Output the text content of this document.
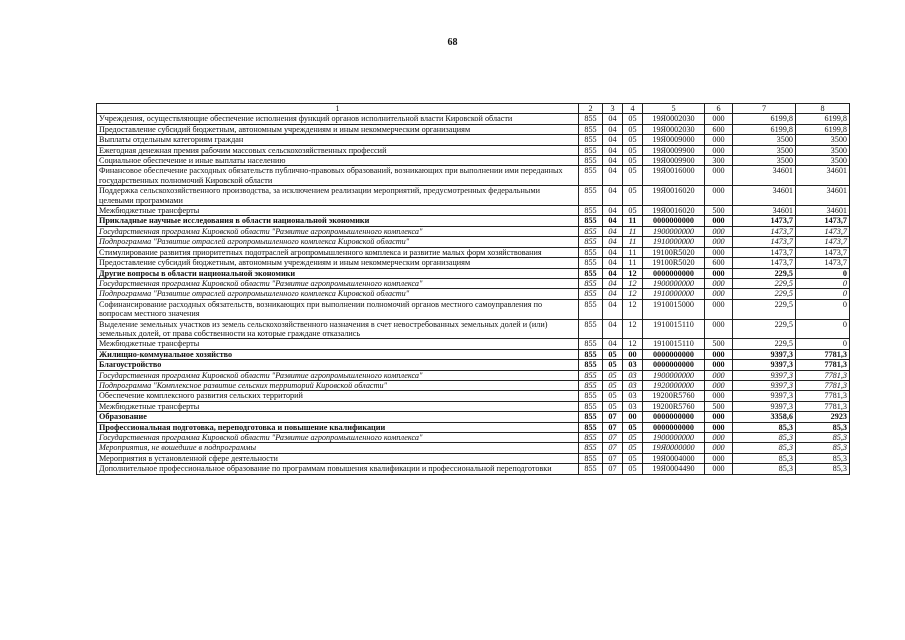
68
1	2	3	4	5	6	7	8
Учреждения, осуществляющие обеспечение исполнения функций органов исполнительной власти Кировской области	855	04	05	19Я0002030	000	6199,8	6199,8
Предоставление субсидий бюджетным, автономным учреждениям и иным некоммерческим организациям	855	04	05	19Я0002030	600	6199,8	6199,8
Выплаты отдельным категориям граждан	855	04	05	19Я0009000	000	3500	3500
Ежегодная денежная премия рабочим массовых сельскохозяйственных профессий	855	04	05	19Я0009900	000	3500	3500
Социальное обеспечение и иные выплаты населению	855	04	05	19Я0009900	300	3500	3500
Финансовое обеспечение расходных обязательств публично-правовых образований, возникающих при выполнении ими переданных государственных полномочий Кировской области	855	04	05	19Я0016000	000	34601	34601
Поддержка сельскохозяйственного производства, за исключением реализации мероприятий, предусмотренных федеральными целевыми программами	855	04	05	19Я0016020	000	34601	34601
Межбюджетные трансферты	855	04	05	19Я0016020	500	34601	34601
Прикладные научные исследования в области национальной экономики	855	04	11	0000000000	000	1473,7	1473,7
Государственная программа Кировской области "Развитие агропромышленного комплекса"	855	04	11	1900000000	000	1473,7	1473,7
Подпрограмма "Развитие отраслей агропромышленного комплекса Кировской области"	855	04	11	1910000000	000	1473,7	1473,7
Стимулирование развития приоритетных подотраслей агропромышленного комплекса и развитие малых форм хозяйствования	855	04	11	19100R5020	000	1473,7	1473,7
Предоставление субсидий бюджетным, автономным учреждениям и иным некоммерческим организациям	855	04	11	19100R5020	600	1473,7	1473,7
Другие вопросы в области национальной экономики	855	04	12	0000000000	000	229,5	0
Государственная программа Кировской области "Развитие агропромышленного комплекса"	855	04	12	1900000000	000	229,5	0
Подпрограмма "Развитие отраслей агропромышленного комплекса Кировской области"	855	04	12	1910000000	000	229,5	0
Софинансирование расходных обязательств, возникающих при выполнении полномочий органов местного самоуправления по вопросам местного значения	855	04	12	1910015000	000	229,5	0
Выделение земельных участков из земель сельскохозяйственного назначения в счет невостребованных земельных долей и (или) земельных долей, от права собственности на которые граждане отказались	855	04	12	1910015110	000	229,5	0
Межбюджетные трансферты	855	04	12	1910015110	500	229,5	0
Жилищно-коммунальное хозяйство	855	05	00	0000000000	000	9397,3	7781,3
Благоустройство	855	05	03	0000000000	000	9397,3	7781,3
Государственная программа Кировской области "Развитие агропромышленного комплекса"	855	05	03	1900000000	000	9397,3	7781,3
Подпрограмма "Комплексное развитие сельских территорий Кировской области"	855	05	03	1920000000	000	9397,3	7781,3
Обеспечение комплексного развития сельских территорий	855	05	03	19200R5760	000	9397,3	7781,3
Межбюджетные трансферты	855	05	03	19200R5760	500	9397,3	7781,3
Образование	855	07	00	0000000000	000	3358,6	2923
Профессиональная подготовка, переподготовка и повышение квалификации	855	07	05	0000000000	000	85,3	85,3
Государственная программа Кировской области "Развитие агропромышленного комплекса"	855	07	05	1900000000	000	85,3	85,3
Мероприятия, не вошедшие в подпрограммы	855	07	05	19Я0000000	000	85,3	85,3
Мероприятия в установленной сфере деятельности	855	07	05	19Я0004000	000	85,3	85,3
Дополнительное профессиональное образование по программам повышения квалификации и профессиональной переподготовки	855	07	05	19Я0004490	000	85,3	85,3
